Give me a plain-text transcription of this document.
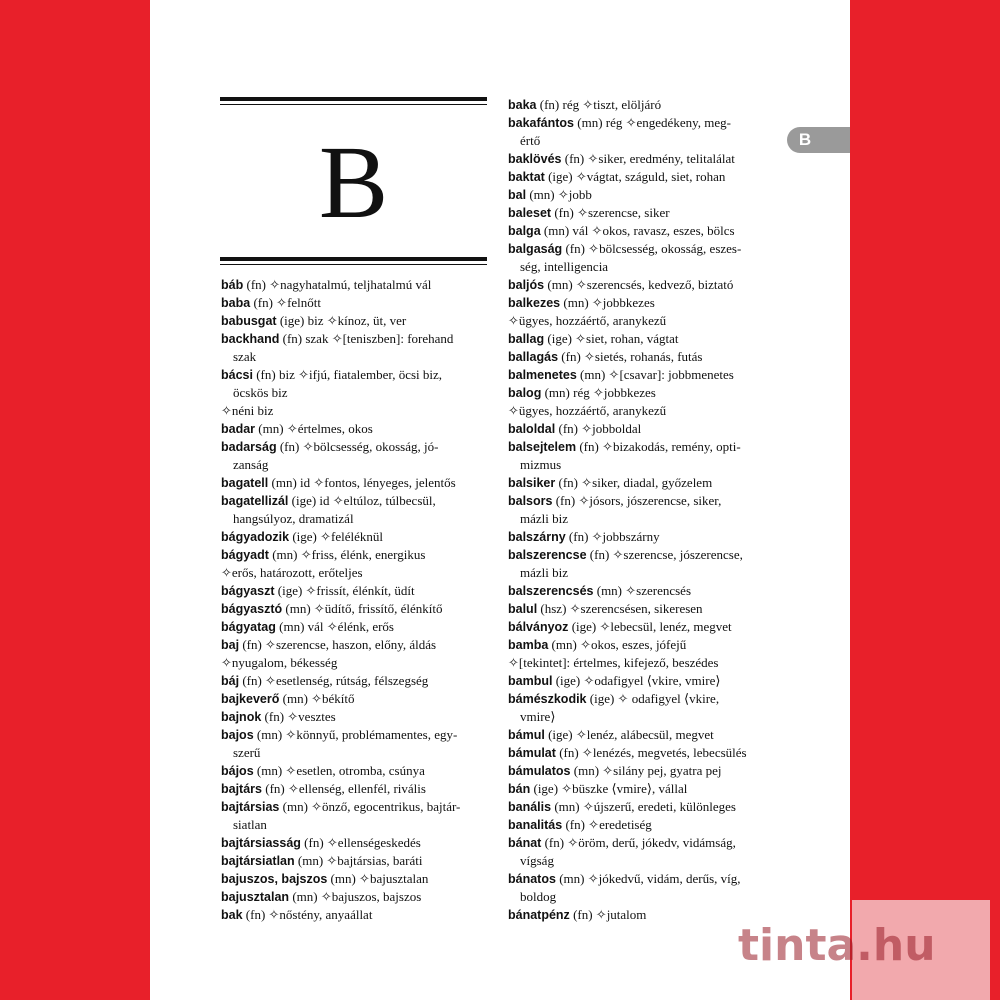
B
báb (fn) ✧nagyhatalmú, teljhatalmú vál
baba (fn) ✧felnőtt
babusgat (ige) biz ✧kínoz, üt, ver
backhand (fn) szak ✧[teniszben]: forehand
szak
bácsi (fn) biz ✧ifjú, fiatalember, öcsi biz,
öcskös biz
✧néni biz
badar (mn) ✧értelmes, okos
badarság (fn) ✧bölcsesség, okosság, jó-
zanság
bagatell (mn) id ✧fontos, lényeges, jelentős
bagatellizál (ige) id ✧eltúloz, túlbecsül,
hangsúlyoz, dramatizál
bágyadozik (ige) ✧feléléknül
bágyadt (mn) ✧friss, élénk, energikus
✧erős, határozott, erőteljes
bágyaszt (ige) ✧frissít, élénkít, üdít
bágyasztó (mn) ✧üdítő, frissítő, élénkítő
bágyatag (mn) vál ✧élénk, erős
baj (fn) ✧szerencse, haszon, előny, áldás
✧nyugalom, békesség
báj (fn) ✧esetlenség, rútság, félszegség
bajkeverő (mn) ✧békítő
bajnok (fn) ✧vesztes
bajos (mn) ✧könnyű, problémamentes, egy-
szerű
bájos (mn) ✧esetlen, otromba, csúnya
bajtárs (fn) ✧ellenség, ellenfél, rivális
bajtársias (mn) ✧önző, egocentrikus, bajtár-
siatlan
bajtársiasság (fn) ✧ellenségeskedés
bajtársiatlan (mn) ✧bajtársias, baráti
bajuszos, bajszos (mn) ✧bajusztalan
bajusztalan (mn) ✧bajuszos, bajszos
bak (fn) ✧nőstény, anyaállat
baka (fn) rég ✧tiszt, elöljáró
bakafántos (mn) rég ✧engedékeny, meg-
értő
baklövés (fn) ✧siker, eredmény, telitalálat
baktat (ige) ✧vágtat, száguld, siet, rohan
bal (mn) ✧jobb
baleset (fn) ✧szerencse, siker
balga (mn) vál ✧okos, ravasz, eszes, bölcs
balgaság (fn) ✧bölcsesség, okosság, eszes-
ség, intelligencia
baljós (mn) ✧szerencsés, kedvező, biztató
balkezes (mn) ✧jobbkezes
✧ügyes, hozzáértő, aranykezű
ballag (ige) ✧siet, rohan, vágtat
ballagás (fn) ✧sietés, rohanás, futás
balmenetes (mn) ✧[csavar]: jobbmenetes
balog (mn) rég ✧jobbkezes
✧ügyes, hozzáértő, aranykezű
baloldal (fn) ✧jobboldal
balsejtelem (fn) ✧bizakodás, remény, opti-
mizmus
balsiker (fn) ✧siker, diadal, győzelem
balsors (fn) ✧jósors, jószerencse, siker,
mázli biz
balszárny (fn) ✧jobbszárny
balszerencse (fn) ✧szerencse, jószerencse,
mázli biz
balszerencsés (mn) ✧szerencsés
balul (hsz) ✧szerencsésen, sikeresen
bálványoz (ige) ✧lebecsül, lenéz, megvet
bamba (mn) ✧okos, eszes, jófejű
✧[tekintet]: értelmes, kifejező, beszédes
bambul (ige) ✧odafigyel ⟨vkire, vmire⟩
bámészkodik (ige) ✧ odafigyel ⟨vkire,
vmire⟩
bámul (ige) ✧lenéz, alábecsül, megvet
bámulat (fn) ✧lenézés, megvetés, lebecsülés
bámulatos (mn) ✧silány pej, gyatra pej
bán (ige) ✧büszke ⟨vmire⟩, vállal
banális (mn) ✧újszerű, eredeti, különleges
banalitás (fn) ✧eredetiség
bánat (fn) ✧öröm, derű, jókedv, vidámság,
vígság
bánatos (mn) ✧jókedvű, vidám, derűs, víg,
boldog
bánatpénz (fn) ✧jutalom
B
tinta.hu
